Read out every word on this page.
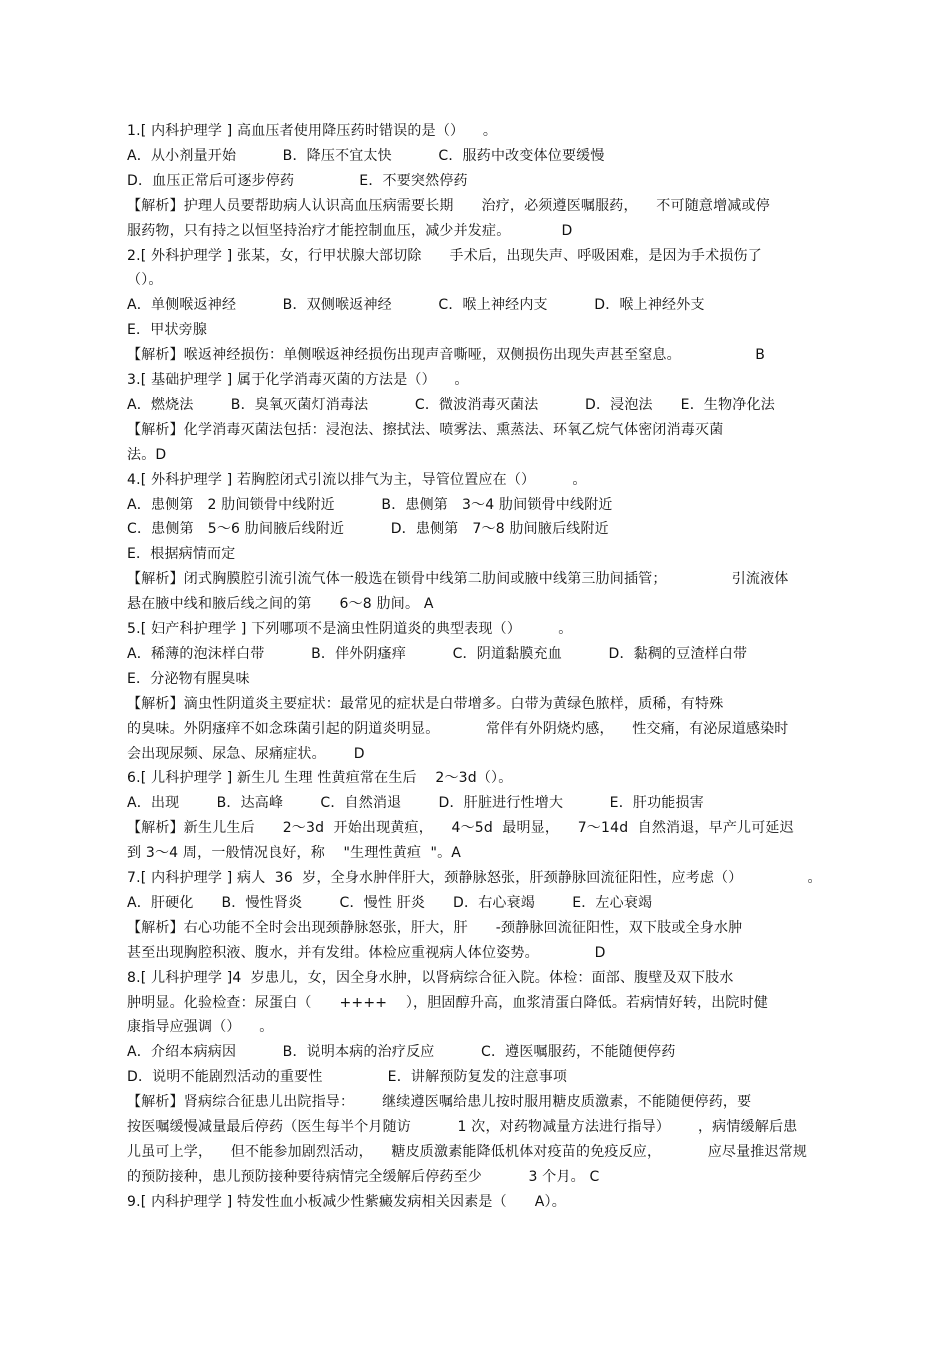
1.[ 内科护理学 ] 高血压者使用降压药时错误的是（）    。
A．从小剂量开始          B．降压不宜太快          C．服药中改变体位要缓慢
D．血压正常后可逐步停药              E．不要突然停药
【解析】护理人员要帮助病人认识高血压病需要长期      治疗，必须遵医嘱服药，    不可随意增减或停
服药物，只有持之以恒坚持治疗才能控制血压，减少并发症。           D
2.[ 外科护理学 ] 张某，女，行甲状腺大部切除      手术后，出现失声、呼吸困难，是因为手术损伤了
（）。
A．单侧喉返神经          B．双侧喉返神经          C．喉上神经内支          D．喉上神经外支
E．甲状旁腺
【解析】喉返神经损伤：单侧喉返神经损伤出现声音嘶哑，双侧损伤出现失声甚至窒息。                B
3.[ 基础护理学 ] 属于化学消毒灭菌的方法是（）    。
A．燃烧法        B．臭氧灭菌灯消毒法          C．微波消毒灭菌法          D．浸泡法      E．生物净化法
【解析】化学消毒灭菌法包括：浸泡法、擦拭法、喷雾法、熏蒸法、环氧乙烷气体密闭消毒灭菌
法。D
4.[ 外科护理学 ] 若胸腔闭式引流以排气为主，导管位置应在（）        。
A．患侧第   2 肋间锁骨中线附近          B．患侧第   3～4 肋间锁骨中线附近
C．患侧第   5～6 肋间腋后线附近          D．患侧第   7～8 肋间腋后线附近
E．根据病情而定
【解析】闭式胸膜腔引流引流气体一般选在锁骨中线第二肋间或腋中线第三肋间插管；              引流液体
悬在腋中线和腋后线之间的第      6～8 肋间。 A
5.[ 妇产科护理学 ] 下列哪项不是滴虫性阴道炎的典型表现（）        。
A．稀薄的泡沫样白带          B．伴外阴瘙痒          C．阴道黏膜充血          D．黏稠的豆渣样白带
E．分泌物有腥臭味
【解析】滴虫性阴道炎主要症状：最常见的症状是白带增多。白带为黄绿色脓样，质稀，有特殊
的臭味。外阴瘙痒不如念珠菌引起的阴道炎明显。          常伴有外阴烧灼感，    性交痛，有泌尿道感染时
会出现尿频、尿急、尿痛症状。      D
6.[ 儿科护理学 ] 新生儿 生理 性黄疸常在生后    2～3d（）。
A．出现        B．达高峰        C．自然消退        D．肝脏进行性增大          E．肝功能损害
【解析】新生儿生后      2～3d  开始出现黄疸，    4～5d  最明显，    7～14d  自然消退，早产儿可延迟
到 3～4 周，一般情况良好，称    "生理性黄疸  "。A
7.[ 内科护理学 ] 病人  36  岁，全身水肿伴肝大，颈静脉怒张，肝颈静脉回流征阳性，应考虑（）              。
A．肝硬化      B．慢性肾炎        C．慢性 肝炎      D．右心衰竭        E．左心衰竭
【解析】右心功能不全时会出现颈静脉怒张，肝大，肝      -颈静脉回流征阳性，双下肢或全身水肿
甚至出现胸腔积液、腹水，并有发绀。体检应重视病人体位姿势。            D
8.[ 儿科护理学 ]4  岁患儿，女，因全身水肿，以肾病综合征入院。体检：面部、腹壁及双下肢水
肿明显。化验检查：尿蛋白（      ++++    ），胆固醇升高，血浆清蛋白降低。若病情好转，出院时健
康指导应强调（）    。
A．介绍本病病因          B．说明本病的治疗反应          C．遵医嘱服药，不能随便停药
D．说明不能剧烈活动的重要性              E．讲解预防复发的注意事项
【解析】肾病综合征患儿出院指导：      继续遵医嘱给患儿按时服用糖皮质激素，不能随便停药，要
按医嘱缓慢减量最后停药（医生每半个月随访          1 次，对药物减量方法进行指导）      ，病情缓解后患
儿虽可上学，    但不能参加剧烈活动，    糖皮质激素能降低机体对疫苗的免疫反应，          应尽量推迟常规
的预防接种，患儿预防接种要待病情完全缓解后停药至少          3 个月。 C
9.[ 内科护理学 ] 特发性血小板减少性紫癜发病相关因素是（      A）。
